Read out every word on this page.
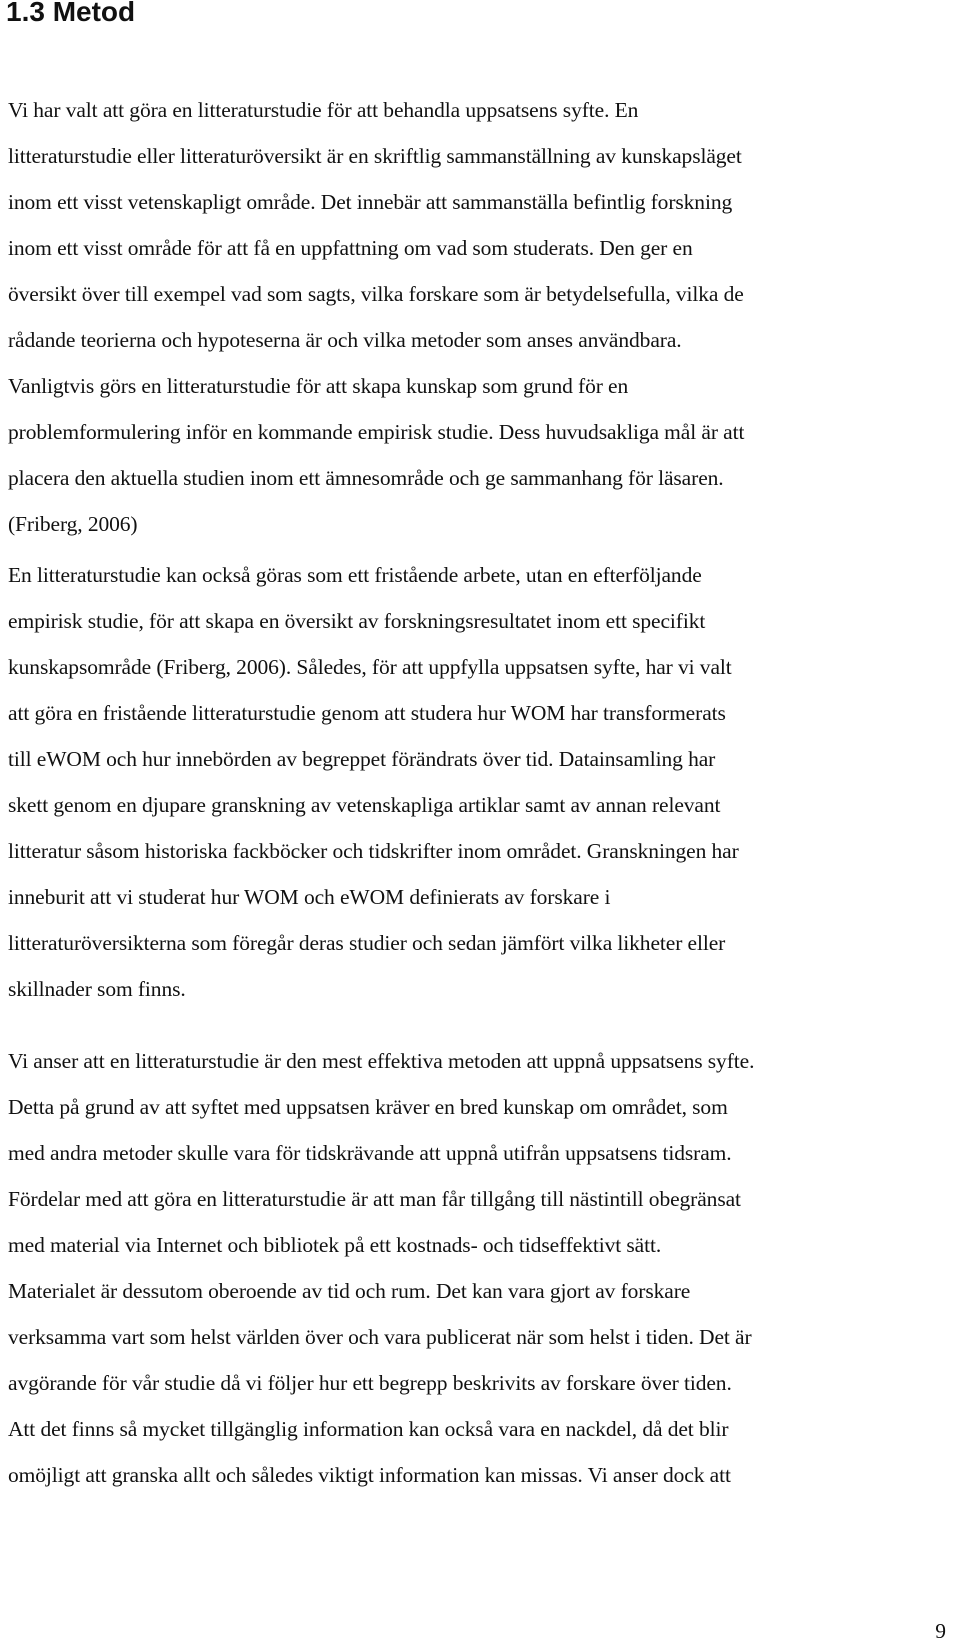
1.3 Metod
Vi har valt att göra en litteraturstudie för att behandla uppsatsens syfte. En
litteraturstudie eller litteraturöversikt är en skriftlig sammanställning av kunskapsläget
inom ett visst vetenskapligt område. Det innebär att sammanställa befintlig forskning
inom ett visst område för att få en uppfattning om vad som studerats. Den ger en
översikt över till exempel vad som sagts, vilka forskare som är betydelsefulla, vilka de
rådande teorierna och hypoteserna är och vilka metoder som anses användbara.
Vanligtvis görs en litteraturstudie för att skapa kunskap som grund för en
problemformulering inför en kommande empirisk studie. Dess huvudsakliga mål är att
placera den aktuella studien inom ett ämnesområde och ge sammanhang för läsaren.
(Friberg, 2006)
En litteraturstudie kan också göras som ett fristående arbete, utan en efterföljande
empirisk studie, för att skapa en översikt av forskningsresultatet inom ett specifikt
kunskapsområde (Friberg, 2006). Således, för att uppfylla uppsatsen syfte, har vi valt
att göra en fristående litteraturstudie genom att studera hur WOM har transformerats
till eWOM och hur innebörden av begreppet förändrats över tid. Datainsamling har
skett genom en djupare granskning av vetenskapliga artiklar samt av annan relevant
litteratur såsom historiska fackböcker och tidskrifter inom området. Granskningen har
inneburit att vi studerat hur WOM och eWOM definierats av forskare i
litteraturöversikterna som föregår deras studier och sedan jämfört vilka likheter eller
skillnader som finns.
Vi anser att en litteraturstudie är den mest effektiva metoden att uppnå uppsatsens syfte.
Detta på grund av att syftet med uppsatsen kräver en bred kunskap om området, som
med andra metoder skulle vara för tidskrävande att uppnå utifrån uppsatsens tidsram.
Fördelar med att göra en litteraturstudie är att man får tillgång till nästintill obegränsat
med material via Internet och bibliotek på ett kostnads- och tidseffektivt sätt.
Materialet är dessutom oberoende av tid och rum. Det kan vara gjort av forskare
verksamma vart som helst världen över och vara publicerat när som helst i tiden. Det är
avgörande för vår studie då vi följer hur ett begrepp beskrivits av forskare över tiden.
Att det finns så mycket tillgänglig information kan också vara en nackdel, då det blir
omöjligt att granska allt och således viktigt information kan missas. Vi anser dock att
9
